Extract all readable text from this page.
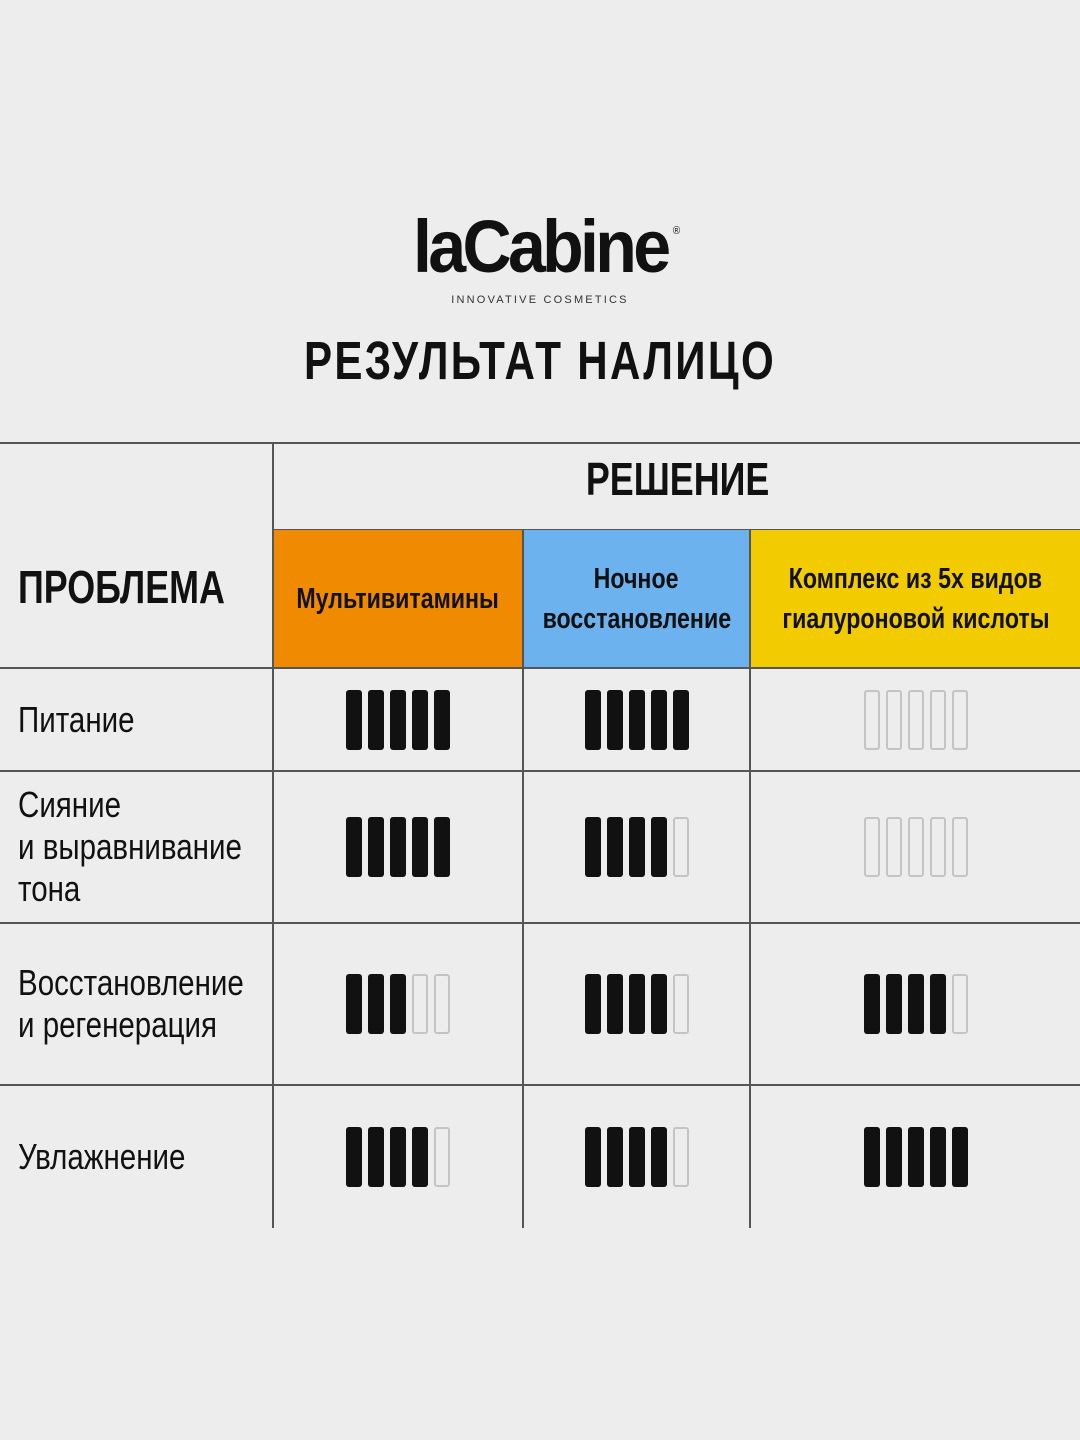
laCabine ®
INNOVATIVE COSMETICS
РЕЗУЛЬТАТ НАЛИЦО
Мультивитамины
Ночное
восстановление
Комплекс из 5х видов
гиалуроновой кислоты
РЕШЕНИЕ
ПРОБЛЕМА
Питание
Сияние
и выравнивание
тона
Восстановление
и регенерация
Увлажнение
